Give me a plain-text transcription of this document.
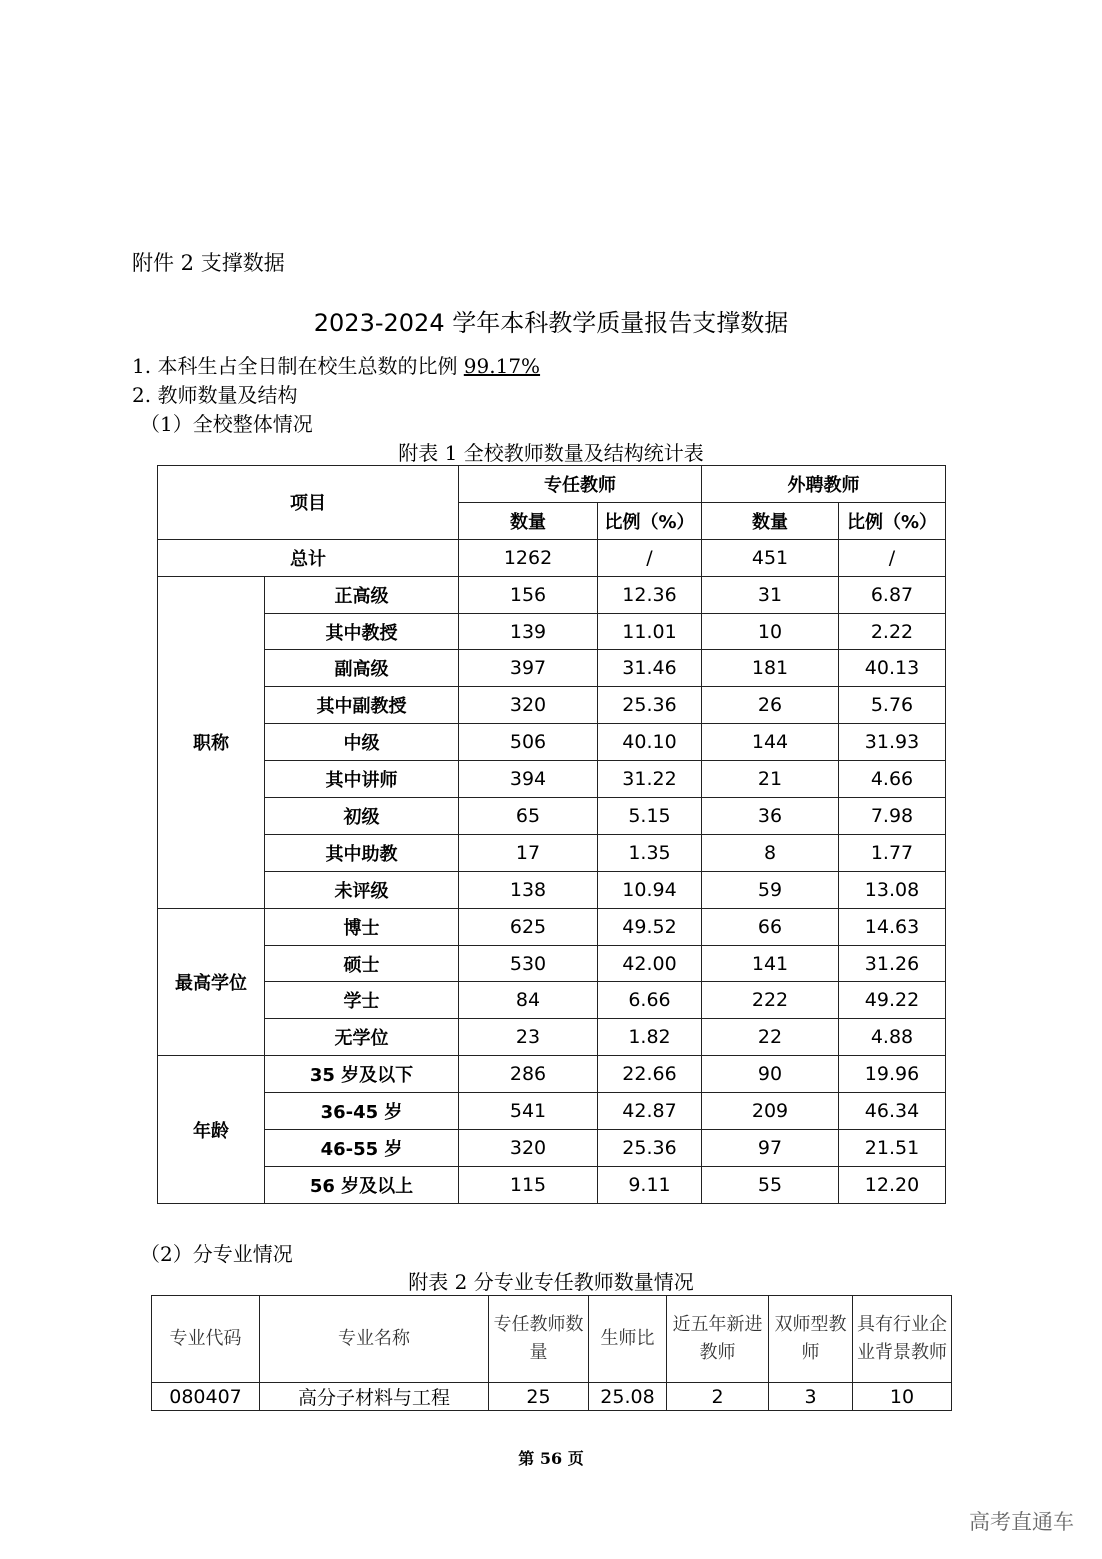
附件 2 支撑数据
2023-2024 学年本科教学质量报告支撑数据
1. 本科生占全日制在校生总数的比例 99.17%
2. 教师数量及结构
（1）全校整体情况
附表 1 全校教师数量及结构统计表
项目		专任教师		外聘教师	
		数量	比例（%）	数量	比例（%）
总计		1262	/	451	/
职称	正高级	156	12.36	31	6.87
	其中教授	139	11.01	10	2.22
	副高级	397	31.46	181	40.13
	其中副教授	320	25.36	26	5.76
	中级	506	40.10	144	31.93
	其中讲师	394	31.22	21	4.66
	初级	65	5.15	36	7.98
	其中助教	17	1.35	8	1.77
	未评级	138	10.94	59	13.08
最高学位	博士	625	49.52	66	14.63
	硕士	530	42.00	141	31.26
	学士	84	6.66	222	49.22
	无学位	23	1.82	22	4.88
年龄	35 岁及以下	286	22.66	90	19.96
	36-45 岁	541	42.87	209	46.34
	46-55 岁	320	25.36	97	21.51
	56 岁及以上	115	9.11	55	12.20
（2）分专业情况
附表 2 分专业专任教师数量情况
专业代码	专业名称	专任教师数量	生师比	近五年新进教师	双师型教师	具有行业企业背景教师
080407	高分子材料与工程	25	25.08	2	3	10
第 56 页
高考直通车
